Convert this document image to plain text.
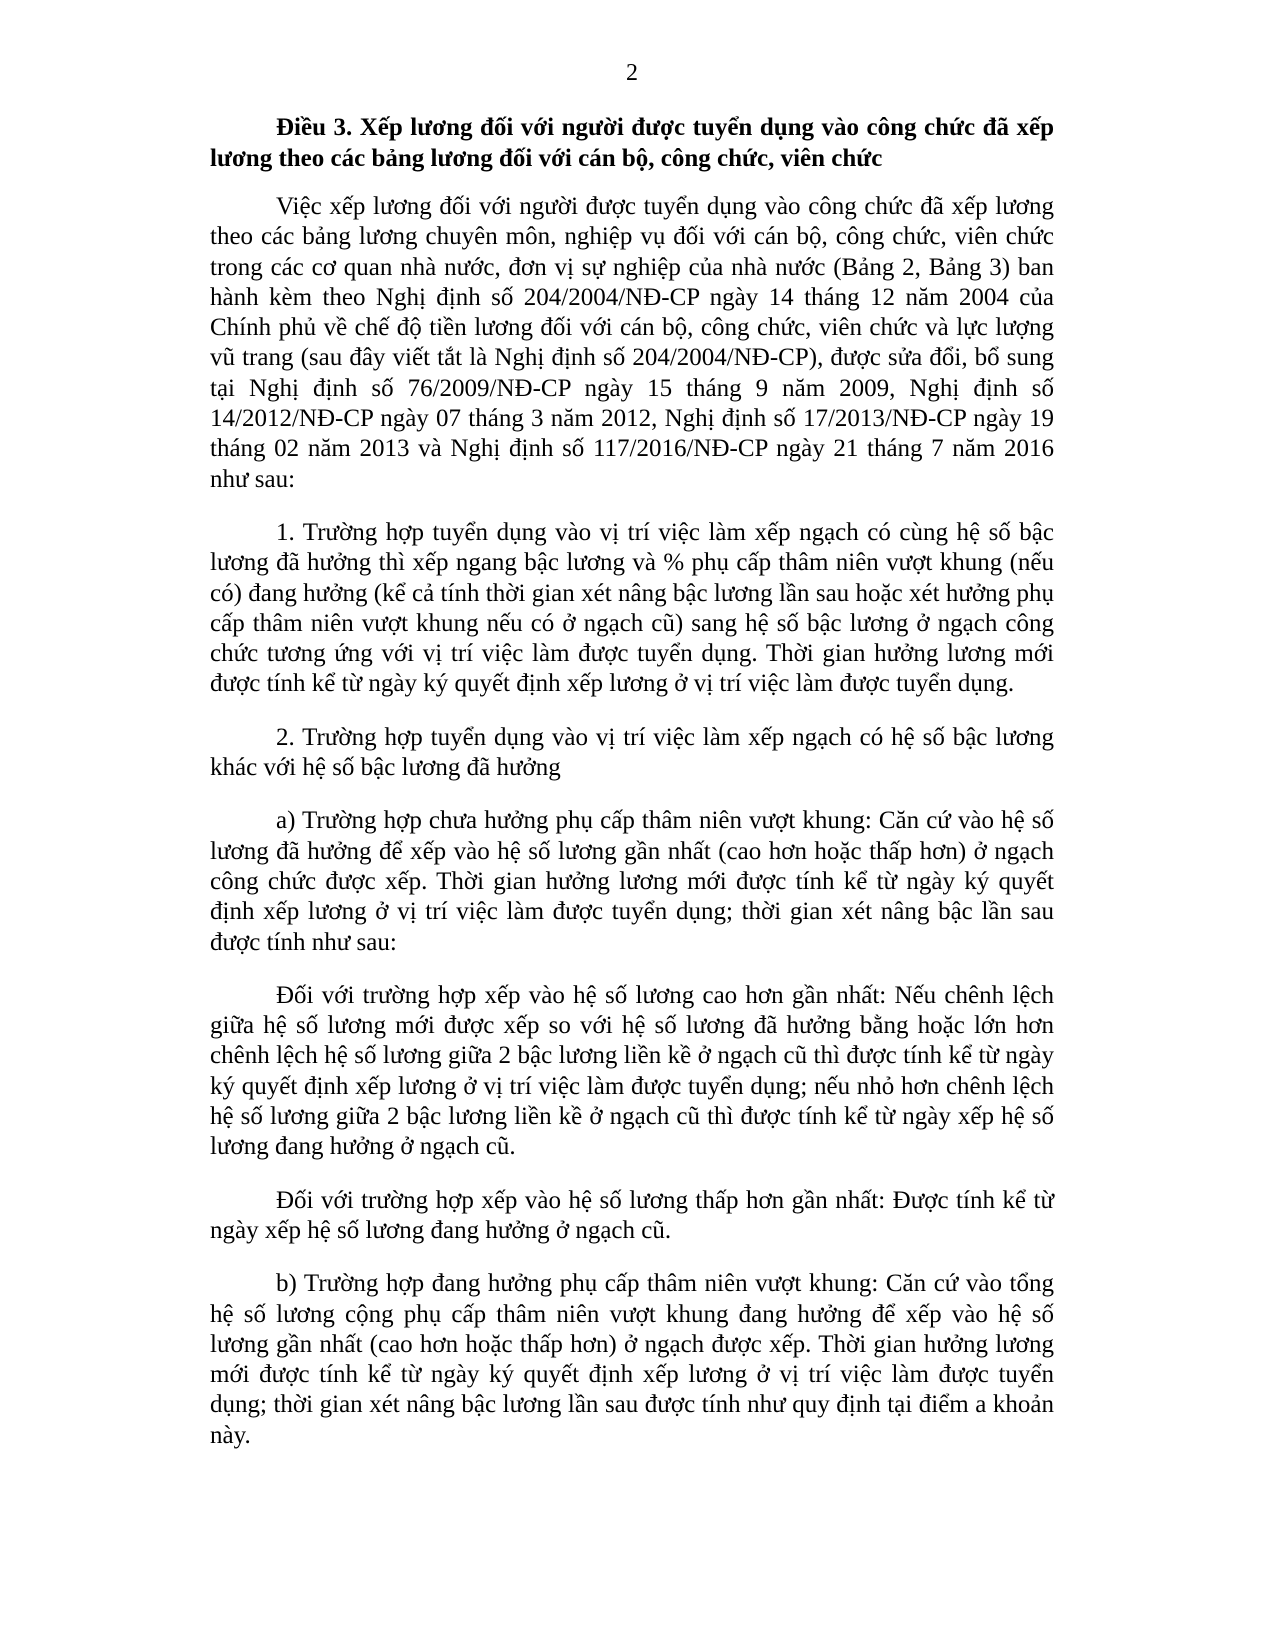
2
Điều 3. Xếp lương đối với người được tuyển dụng vào công chức đã xếp lương theo các bảng lương đối với cán bộ, công chức, viên chức

Việc xếp lương đối với người được tuyển dụng vào công chức đã xếp lương theo các bảng lương chuyên môn, nghiệp vụ đối với cán bộ, công chức, viên chức trong các cơ quan nhà nước, đơn vị sự nghiệp của nhà nước (Bảng 2, Bảng 3) ban hành kèm theo Nghị định số 204/2004/NĐ-CP ngày 14 tháng 12 năm 2004 của Chính phủ về chế độ tiền lương đối với cán bộ, công chức, viên chức và lực lượng vũ trang (sau đây viết tắt là Nghị định số 204/2004/NĐ-CP), được sửa đổi, bổ sung tại Nghị định số 76/2009/NĐ-CP ngày 15 tháng 9 năm 2009, Nghị định số 14/2012/NĐ-CP ngày 07 tháng 3 năm 2012, Nghị định số 17/2013/NĐ-CP ngày 19 tháng 02 năm 2013 và Nghị định số 117/2016/NĐ-CP ngày 21 tháng 7 năm 2016 như sau:

1. Trường hợp tuyển dụng vào vị trí việc làm xếp ngạch có cùng hệ số bậc lương đã hưởng thì xếp ngang bậc lương và % phụ cấp thâm niên vượt khung (nếu có) đang hưởng (kể cả tính thời gian xét nâng bậc lương lần sau hoặc xét hưởng phụ cấp thâm niên vượt khung nếu có ở ngạch cũ) sang hệ số bậc lương ở ngạch công chức tương ứng với vị trí việc làm được tuyển dụng. Thời gian hưởng lương mới được tính kể từ ngày ký quyết định xếp lương ở vị trí việc làm được tuyển dụng.

2. Trường hợp tuyển dụng vào vị trí việc làm xếp ngạch có hệ số bậc lương khác với hệ số bậc lương đã hưởng

a) Trường hợp chưa hưởng phụ cấp thâm niên vượt khung: Căn cứ vào hệ số lương đã hưởng để xếp vào hệ số lương gần nhất (cao hơn hoặc thấp hơn) ở ngạch công chức được xếp. Thời gian hưởng lương mới được tính kể từ ngày ký quyết định xếp lương ở vị trí việc làm được tuyển dụng; thời gian xét nâng bậc lần sau được tính như sau:

Đối với trường hợp xếp vào hệ số lương cao hơn gần nhất: Nếu chênh lệch giữa hệ số lương mới được xếp so với hệ số lương đã hưởng bằng hoặc lớn hơn chênh lệch hệ số lương giữa 2 bậc lương liền kề ở ngạch cũ thì được tính kể từ ngày ký quyết định xếp lương ở vị trí việc làm được tuyển dụng; nếu nhỏ hơn chênh lệch hệ số lương giữa 2 bậc lương liền kề ở ngạch cũ thì được tính kể từ ngày xếp hệ số lương đang hưởng ở ngạch cũ.

Đối với trường hợp xếp vào hệ số lương thấp hơn gần nhất: Được tính kể từ ngày xếp hệ số lương đang hưởng ở ngạch cũ.

b) Trường hợp đang hưởng phụ cấp thâm niên vượt khung: Căn cứ vào tổng hệ số lương cộng phụ cấp thâm niên vượt khung đang hưởng để xếp vào hệ số lương gần nhất (cao hơn hoặc thấp hơn) ở ngạch được xếp. Thời gian hưởng lương mới được tính kể từ ngày ký quyết định xếp lương ở vị trí việc làm được tuyển dụng; thời gian xét nâng bậc lương lần sau được tính như quy định tại điểm a khoản này.
